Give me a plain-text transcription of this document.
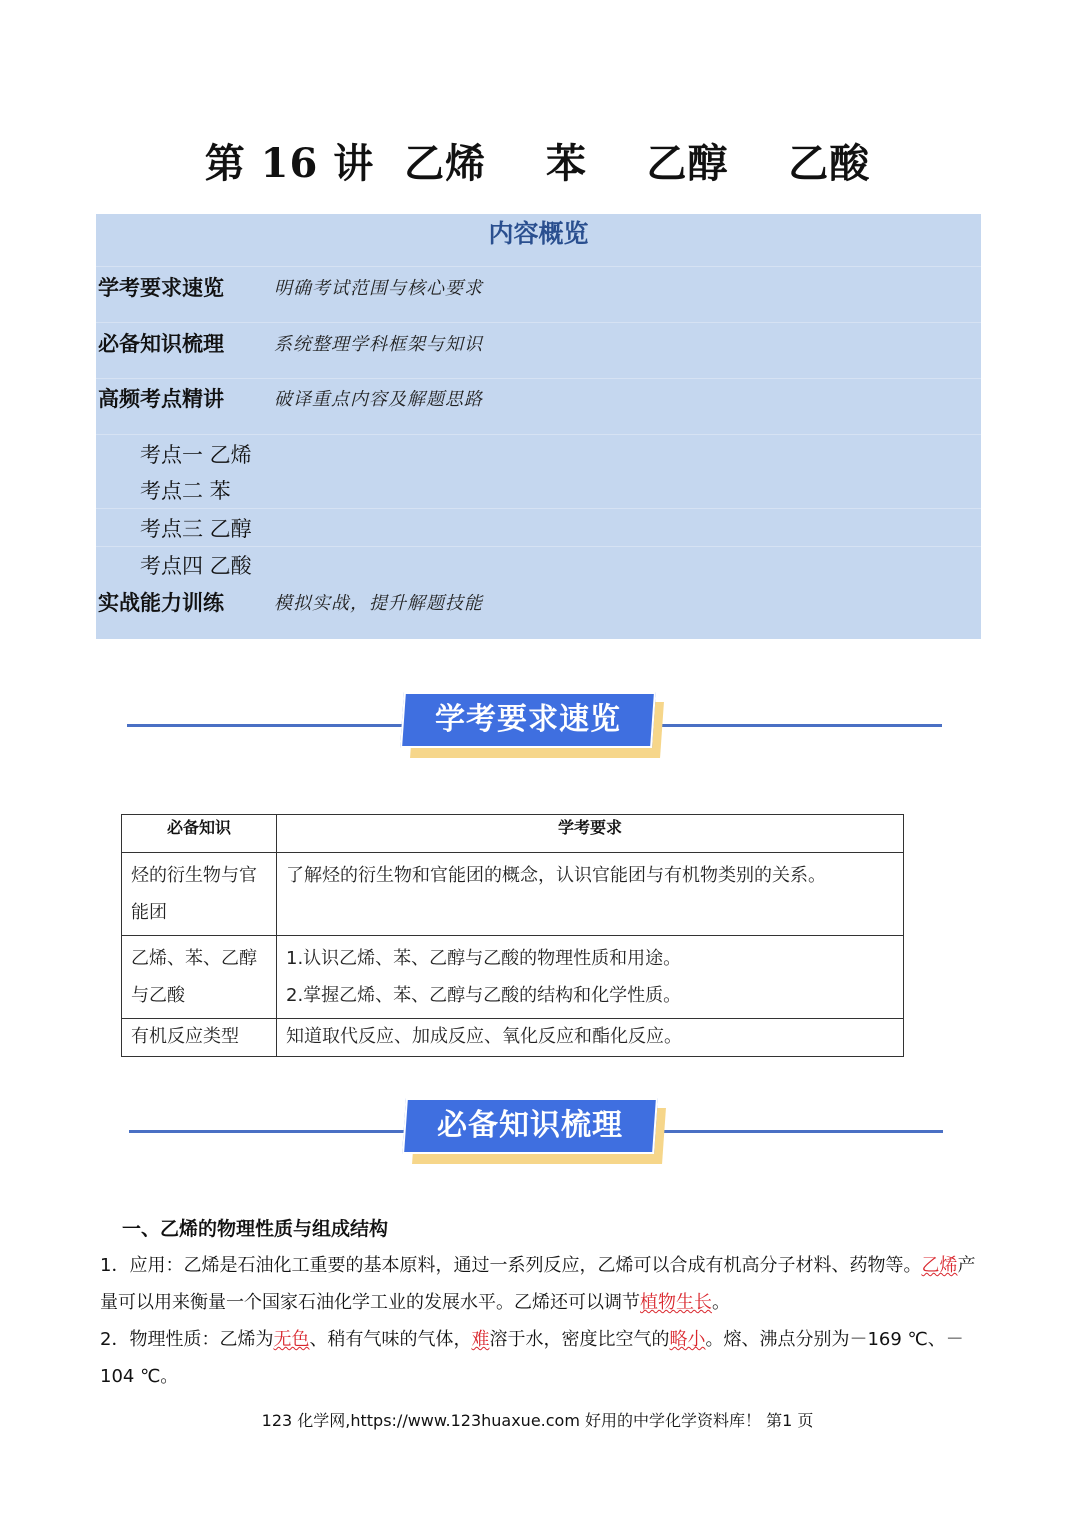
第 16 讲  乙烯 苯 乙醇 乙酸
内容概览
学考要求速览	明确考试范围与核心要求
必备知识梳理	系统整理学科框架与知识
高频考点精讲	破译重点内容及解题思路
考点一 乙烯
考点二 苯
考点三 乙醇
考点四 乙酸
实战能力训练	模拟实战，提升解题技能
学考要求速览
必备知识	学考要求
烃的衍生物与官能团	了解烃的衍生物和官能团的概念，认识官能团与有机物类别的关系。

乙烯、苯、乙醇与乙酸	1.认识乙烯、苯、乙醇与乙酸的物理性质和用途。
2.掌握乙烯、苯、乙醇与乙酸的结构和化学性质。

有机反应类型	知道取代反应、加成反应、氧化反应和酯化反应。
必备知识梳理
一、乙烯的物理性质与组成结构
1．应用：乙烯是石油化工重要的基本原料，通过一系列反应，乙烯可以合成有机高分子材料、药物等。乙烯产量可以用来衡量一个国家石油化学工业的发展水平。乙烯还可以调节植物生长。
2．物理性质：乙烯为无色、稍有气味的气体，难溶于水，密度比空气的略小。熔、沸点分别为－169 ℃、－104 ℃。
123 化学网,https://www.123huaxue.com 好用的中学化学资料库！ 第1 页
